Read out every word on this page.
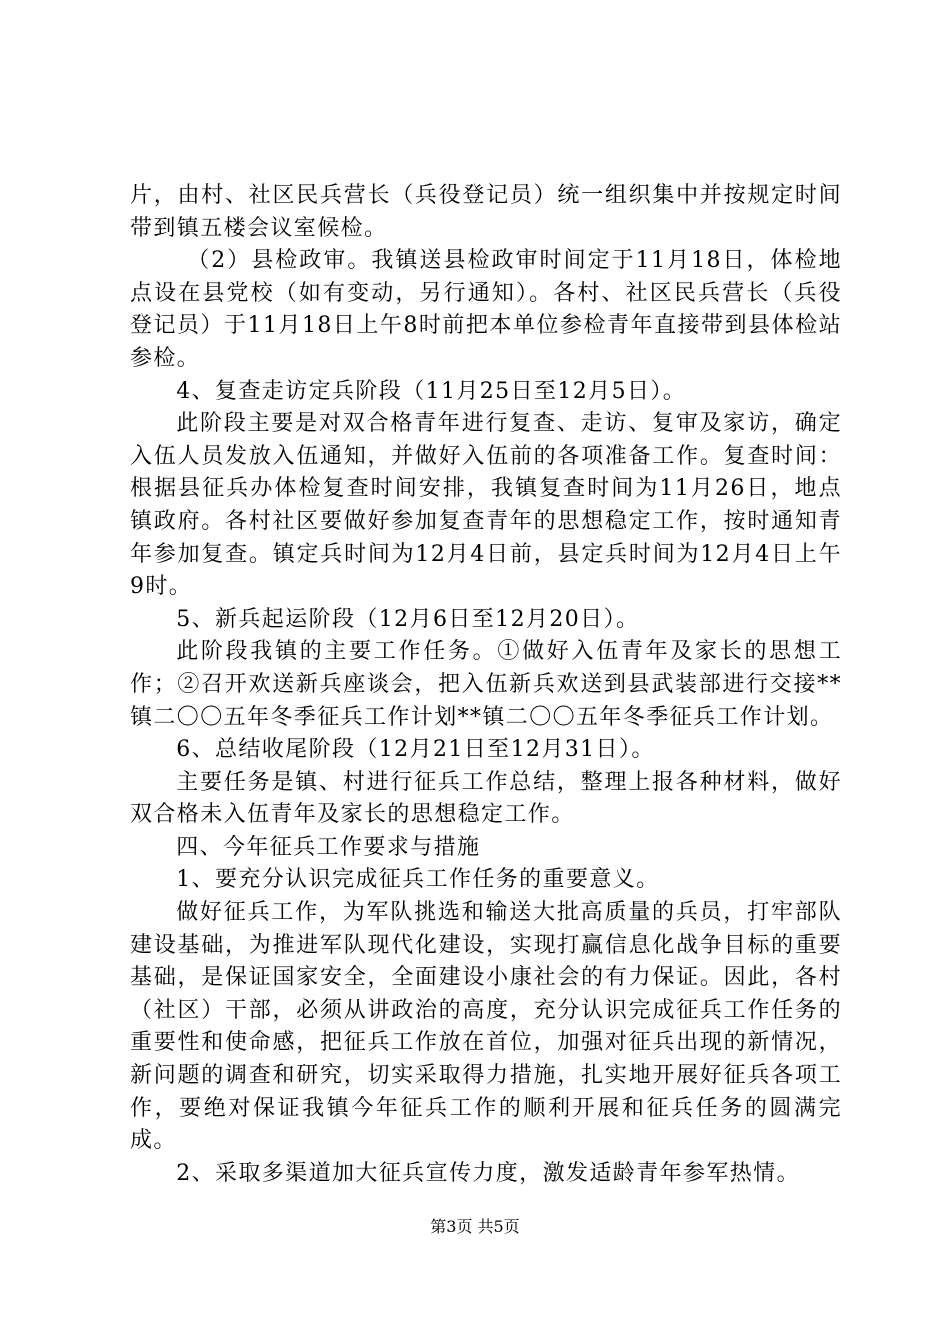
片，由村、社区民兵营长（兵役登记员）统一组织集中并按规定时间带到镇五楼会议室候检。

（2）县检政审。我镇送县检政审时间定于11月18日，体检地点设在县党校（如有变动，另行通知）。各村、社区民兵营长（兵役登记员）于11月18日上午8时前把本单位参检青年直接带到县体检站参检。

4、复查走访定兵阶段（11月25日至12月5日）。

此阶段主要是对双合格青年进行复查、走访、复审及家访，确定入伍人员发放入伍通知，并做好入伍前的各项准备工作。复查时间：根据县征兵办体检复查时间安排，我镇复查时间为11月26日，地点镇政府。各村社区要做好参加复查青年的思想稳定工作，按时通知青年参加复查。镇定兵时间为12月4日前，县定兵时间为12月4日上午9时。

5、新兵起运阶段（12月6日至12月20日）。

此阶段我镇的主要工作任务。①做好入伍青年及家长的思想工作；②召开欢送新兵座谈会，把入伍新兵欢送到县武装部进行交接**镇二〇〇五年冬季征兵工作计划**镇二〇〇五年冬季征兵工作计划。

6、总结收尾阶段（12月21日至12月31日）。

主要任务是镇、村进行征兵工作总结，整理上报各种材料，做好双合格未入伍青年及家长的思想稳定工作。

四、今年征兵工作要求与措施

1、要充分认识完成征兵工作任务的重要意义。

做好征兵工作，为军队挑选和输送大批高质量的兵员，打牢部队建设基础，为推进军队现代化建设，实现打赢信息化战争目标的重要基础，是保证国家安全，全面建设小康社会的有力保证。因此，各村（社区）干部，必须从讲政治的高度，充分认识完成征兵工作任务的重要性和使命感，把征兵工作放在首位，加强对征兵出现的新情况，新问题的调查和研究，切实采取得力措施，扎实地开展好征兵各项工作，要绝对保证我镇今年征兵工作的顺利开展和征兵任务的圆满完成。

2、采取多渠道加大征兵宣传力度，激发适龄青年参军热情。

第3页 共5页
